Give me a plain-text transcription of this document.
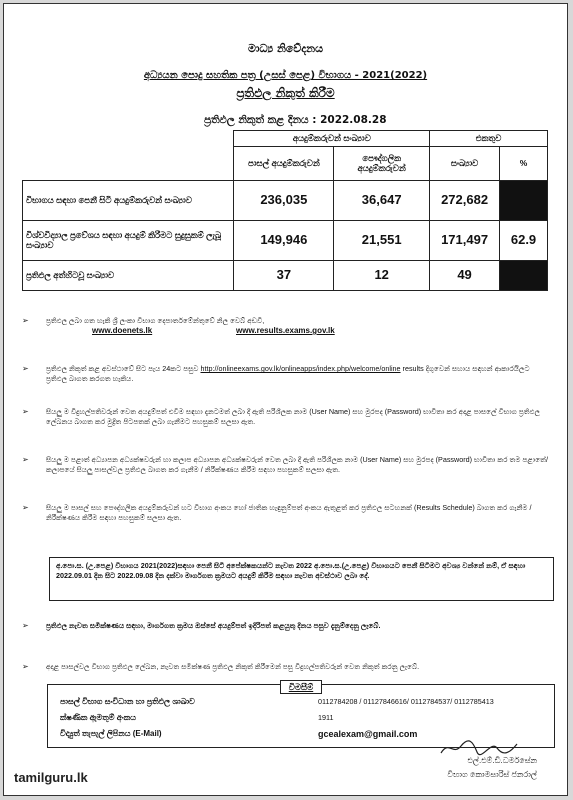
මාධ්‍ය නිවේදනය
අධ්‍යයන පොදු සහතික පත්‍ර (උසස් පෙළ) විභාගය - 2021(2022)
ප්‍රතිඵල නිකුත් කිරීම
ප්‍රතිඵල නිකුත් කළ දිනය : 2022.08.28
	අයදුම්කරුවන් සංඛ්‍යාව		එකතුව	
	පාසල් අයදුම්කරුවන්	පෞද්ගලික අයදුම්කරුවන්	සංඛ්‍යාව	%
විභාගය සඳහා පෙනී සිටි අයදුම්කරුවන් සංඛ්‍යාව	236,035	36,647	272,682	
විශ්වවිද්‍යාල ප්‍රවේශය සඳහා අයදුම් කිරීමට සුදුසුකම් ලැබූ සංඛ්‍යාව	149,946	21,551	171,497	62.9
ප්‍රතිඵල අත්හිටවූ සංඛ්‍යාව	37	12	49	
➢ ප්‍රතිඵල ලබා ගත හැකි ශ්‍රී ලංකා විභාග දෙපාර්තමේන්තුවේ නිල වෙබ් අඩවි,
www.doenets.lk	www.results.exams.gov.lk
➢ ප්‍රතිඵල නිකුත් කළ අවස්ථාවේ සිට පැය 24කට පසුව http://onlineexams.gov.lk/onlineapps/index.php/welcome/online results දිගුවෙන් සහාය සඳහන් ආකාරයිලට ප්‍රතිඵල බාගත කරගත හැකිය.
➢ සියලු ම විදුහල්පතිවරුන් වෙත අයදුම්පත් එවීම සඳහා දැනටමත් ලබා දී ඇති පරිශීලක නාම (User Name) සහ මුරපද (Password) භාවිතා කර අදාළ පාසලේ විභාග ප්‍රතිඵල ලේඛනය බාගත කර මුද්‍රිත පිටපතක් ලබා ගැනීමට පහසුකම් සලසා ඇත.
➢ සියලු ම පළාත් අධ්‍යාපන අධ්‍යක්ෂවරුන් හා කලාප අධ්‍යාපන අධ්‍යක්ෂවරුන් වෙත ලබා දී ඇති පරිශීලක නාම (User Name) සහ මුරපද (Password) භාවිතා කර තම පළාතේ/කලාපයේ සියලු පාසල්වල ප්‍රතිඵල බාගත කර ගැනීම / නිරීක්ෂණය කිරීම සඳහා පහසුකම් සලසා ඇත.
➢ සියලු ම පාසල් සහ පෞද්ගලික අයදුම්කරුවන් හට විභාග අංකය හෝ ජාතික හැඳුනුම්පත් අංකය ඇතුළත් කර ප්‍රතිඵල සටහනක් (Results Schedule) බාගත කර ගැනීම / නිරීක්ෂණය කිරීම සඳහා පහසුකම් සලසා ඇත.
අ.පො.ස. (උ.පෙළ) විභාගය 2021(2022)සඳහා පෙනී සිටි අපේක්ෂකයන්ට නැවත 2022 අ.පො.ස.(උ.පෙළ) විභාගයට පෙනී සිටීමට අවශ්‍ය වන්නේ නම්, ඒ සඳහා 2022.09.01 දින සිට 2022.09.08 දින දක්වා මාර්ගගත ක්‍රමයට අයදුම් කිරීම සඳහා නැවත අවස්ථාව ලබා දේ.
➢ අදාළ පාසල්වල විභාග ප්‍රතිඵල ලේඛන, නැවත සමීක්ෂණ ප්‍රතිඵල නිකුත් කිරීමෙන් පසු විදුහල්පතිවරුන් වෙත නිකුත් කරනු ලැබේ.
➢ ප්‍රතිඵල නැවත සමීක්ෂණය සඳහා, මාර්ගගත ක්‍රමය ඔස්සේ අයදුම්පත් ඉදිරිපත් කළයුතු දිනය පසුව දැනුම්දෙනු ලැබේ.
විමසීම්
පාසල් විභාග සංවිධාන හා ප්‍රතිඵල ශාඛාව	0112784208 / 01127846616/ 0112784537/ 0112785413
ක්ෂණික ඇමතුම් අංකය	1911
විද්‍යුත් තැපැල් ලිපිනය (E-Mail)	gcealexam@gmail.com
එල්.එම්.ඩී.ධර්මසේන
විභාග කොමසාරිස් ජනරාල්
tamilguru.lk
